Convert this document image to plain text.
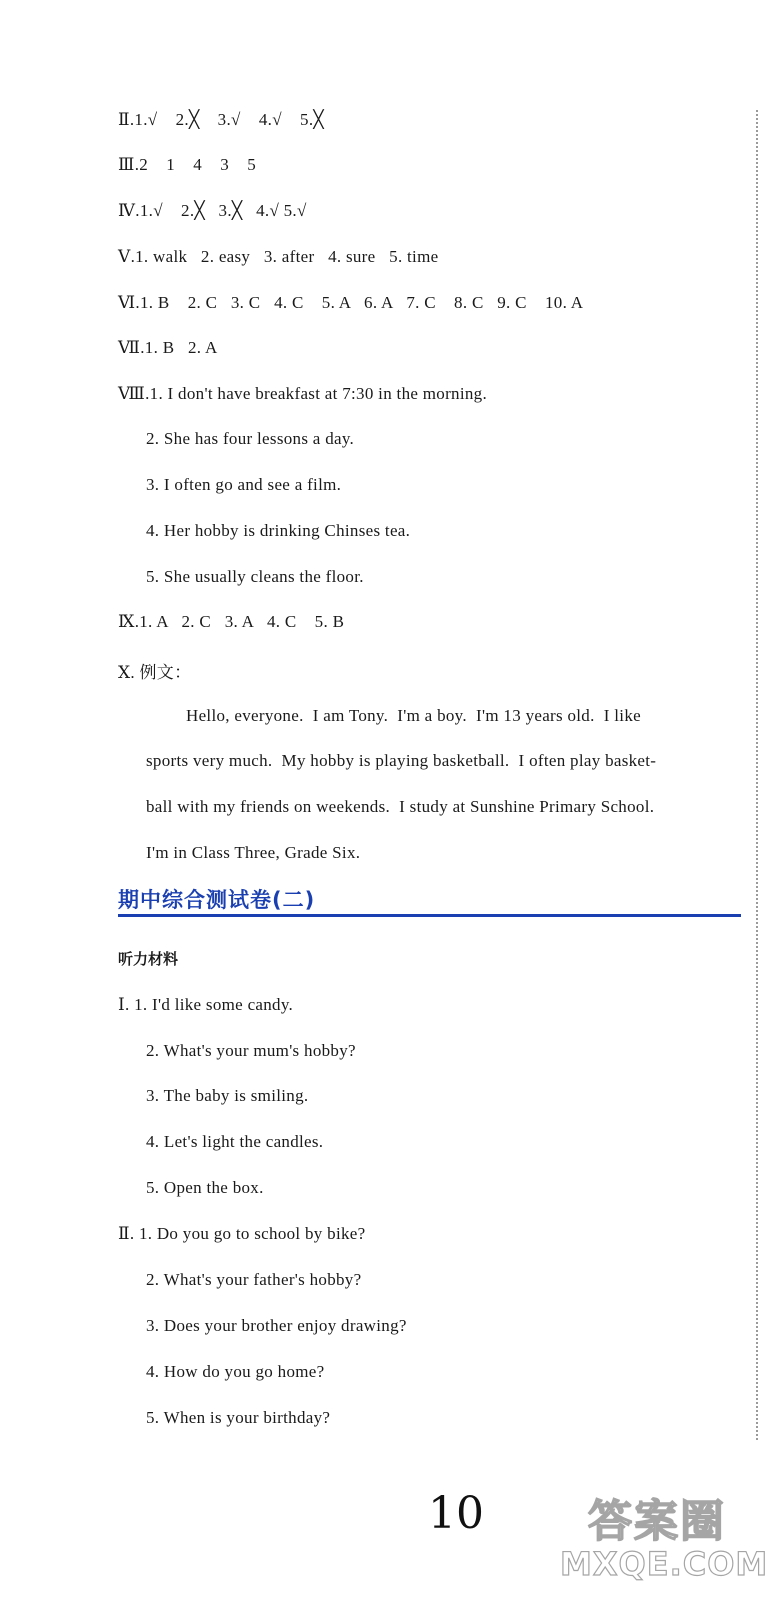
Ⅱ.1.√    2.╳    3.√    4.√    5.╳
Ⅲ.2    1    4    3    5
Ⅳ.1.√    2.╳   3.╳   4.√ 5.√
Ⅴ.1. walk   2. easy   3. after   4. sure   5. time
Ⅵ.1. B    2. C   3. C   4. C    5. A   6. A   7. C    8. C   9. C    10. A
Ⅶ.1. B   2. A
Ⅷ.1. I don't have breakfast at 7:30 in the morning.
2. She has four lessons a day.
3. I often go and see a film.
4. Her hobby is drinking Chinses tea.
5. She usually cleans the floor.
Ⅸ.1. A   2. C   3. A   4. C    5. B
Ⅹ. 例文：
Hello, everyone.  I am Tony.  I'm a boy.  I'm 13 years old.  I like
sports very much.  My hobby is playing basketball.  I often play basket-
ball with my friends on weekends.  I study at Sunshine Primary School.
I'm in Class Three, Grade Six.
期中综合测试卷(二)
听力材料
Ⅰ. 1. I'd like some candy.
2. What's your mum's hobby?
3. The baby is smiling.
4. Let's light the candles.
5. Open the box.
Ⅱ. 1. Do you go to school by bike?
2. What's your father's hobby?
3. Does your brother enjoy drawing?
4. How do you go home?
5. When is your birthday?
10 答案圈
MXQE.COM
